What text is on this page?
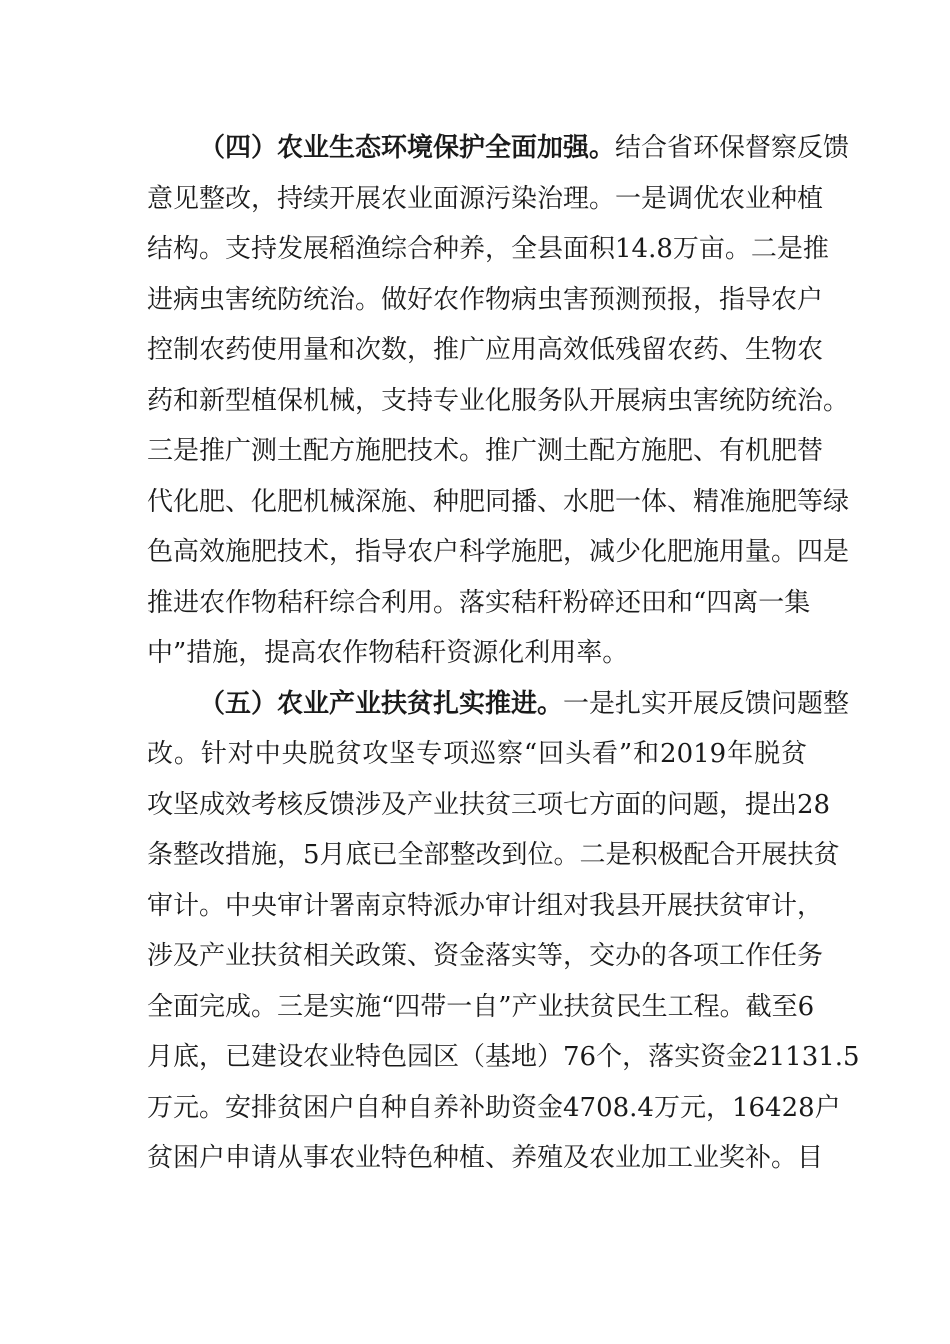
（四）农业生态环境保护全面加强。结合省环保督察反馈
意见整改，持续开展农业面源污染治理。一是调优农业种植
结构。支持发展稻渔综合种养，全县面积14.8万亩。二是推
进病虫害统防统治。做好农作物病虫害预测预报，指导农户
控制农药使用量和次数，推广应用高效低残留农药、生物农
药和新型植保机械，支持专业化服务队开展病虫害统防统治。
三是推广测土配方施肥技术。推广测土配方施肥、有机肥替
代化肥、化肥机械深施、种肥同播、水肥一体、精准施肥等绿
色高效施肥技术，指导农户科学施肥，减少化肥施用量。四是
推进农作物秸秆综合利用。落实秸秆粉碎还田和“四离一集
中”措施，提高农作物秸秆资源化利用率。
（五）农业产业扶贫扎实推进。一是扎实开展反馈问题整
改。针对中央脱贫攻坚专项巡察“回头看”和2019年脱贫
攻坚成效考核反馈涉及产业扶贫三项七方面的问题，提出28
条整改措施，5月底已全部整改到位。二是积极配合开展扶贫
审计。中央审计署南京特派办审计组对我县开展扶贫审计，
涉及产业扶贫相关政策、资金落实等，交办的各项工作任务
全面完成。三是实施“四带一自”产业扶贫民生工程。截至6
月底，已建设农业特色园区（基地）76个，落实资金21131.5
万元。安排贫困户自种自养补助资金4708.4万元，16428户
贫困户申请从事农业特色种植、养殖及农业加工业奖补。目
